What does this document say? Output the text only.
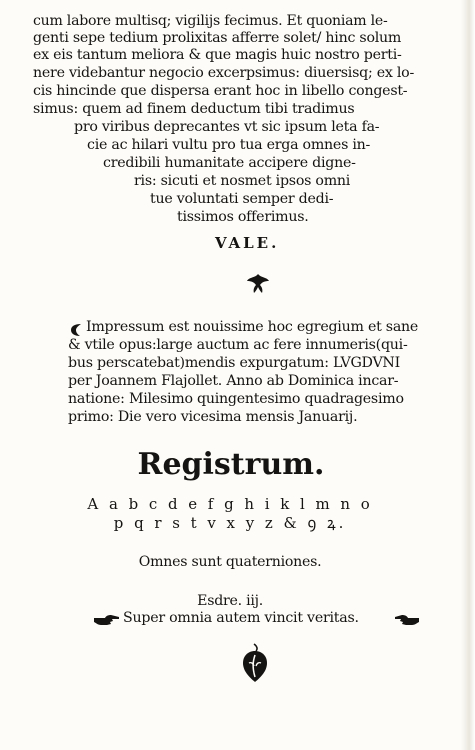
cum labore multisq; vigilijs fecimus. Et quoniam le-
genti sepe tedium prolixitas afferre solet/ hinc solum
ex eis tantum meliora & que magis huic nostro perti-
nere videbantur negocio excerpsimus: diuersisq; ex lo-
cis hincinde que dispersa erant hoc in libello congest-
simus: quem ad finem deductum tibi tradimus
pro viribus deprecantes vt sic ipsum leta fa-
cie ac hilari vultu pro tua erga omnes in-
credibili humanitate accipere digne-
ris: sicuti et nosmet ipsos omni
tue voluntati semper dedi-
tissimos offerimus.
VALE.
Impressum est nouissime hoc egregium et sane
& vtile opus:large auctum ac fere innumeris(qui-
bus perscatebat)mendis expurgatum: LVGDVNI
per Joannem Flajollet. Anno ab Dominica incar-
natione: Milesimo quingentesimo quadragesimo
primo: Die vero vicesima mensis Januarij.
Registrum.
A a b c d e f g h i k l m n o
p q r s t v x y z & ꝯ ꝝ.
Omnes sunt quaterniones.
Esdre. iij.
Super omnia autem vincit veritas.
